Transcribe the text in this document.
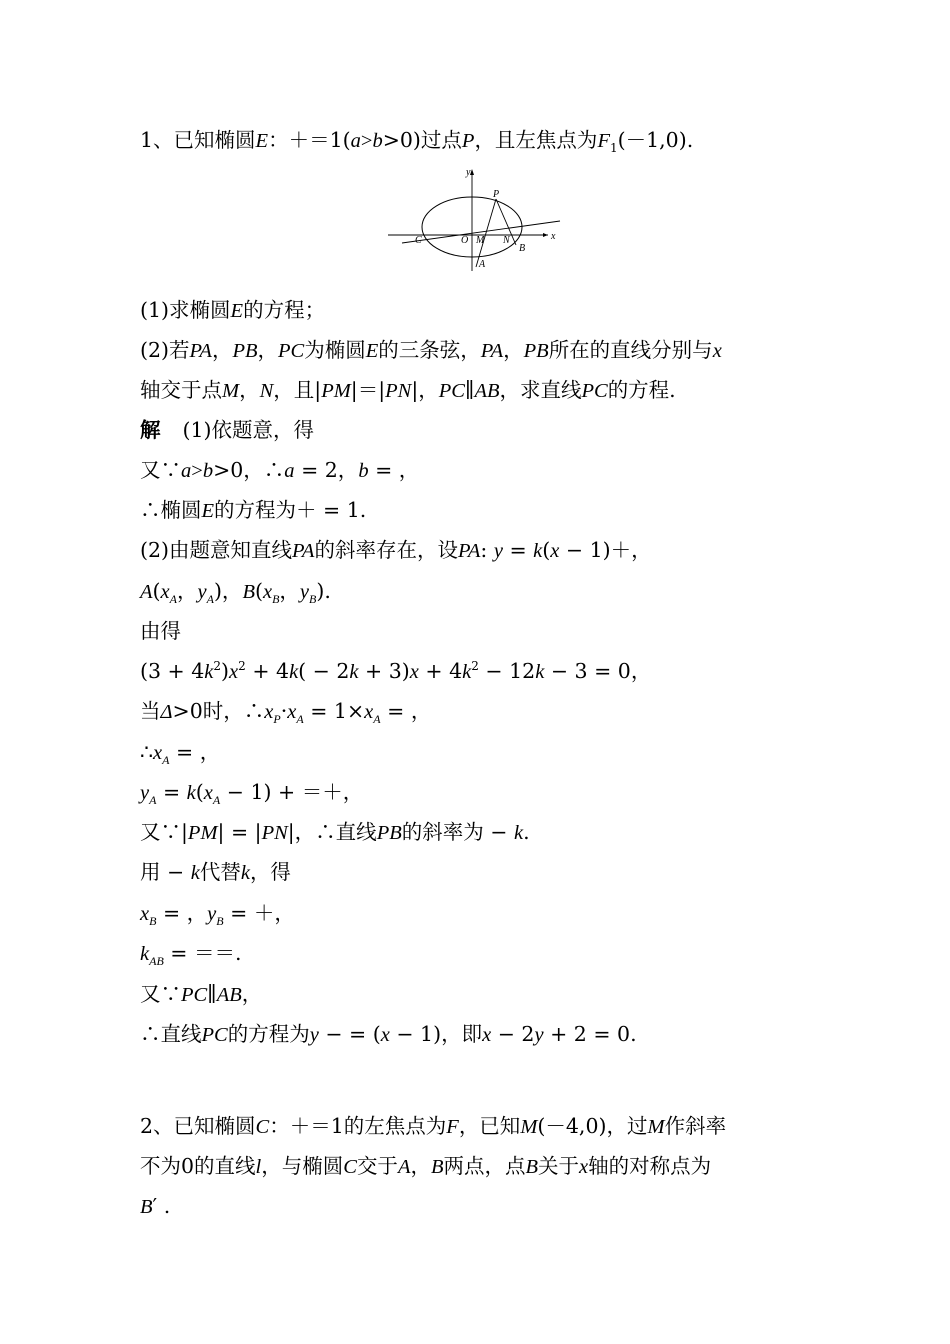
1、已知椭圆E：＋＝1(a>b>0)过点P，且左焦点为$F_1(-1,0)$.
y
x
P
C	O M N
B
A
(1)求椭圆E的方程；
(2)若PA，PB，PC为椭圆E的三条弦，PA，PB所在的直线分别与x
轴交于点M，N，且|PM|＝|PN|，PC∥AB，求直线PC的方程.
解 (1)依题意，得
又∵a>b>0，∴a = 2，b = ，
∴椭圆E的方程为＋ = 1.
(2)由题意知直线PA的斜率存在，设PA: y = k(x − 1)＋，
$A(x_A$，$y_A$)，$B(x_B$，$y_B$).
由得
$(3 + 4k^2)x^2 + 4k( - 2k + 3)x + 4k^2 - 12k - 3 = 0$，
当Δ>0时，$\therefore x_P\cdot x_A = 1\times x_A$ = ，
$\therefore x_A$ = ，
$y_A = k(x_A - 1)$ + ＝＋，
又∵|PM| = |PN|，∴直线PB的斜率为 − k.
用 − k代替k，得
$x_B$ = ，$y_B$ = ＋，
$k_{AB}$ = ＝＝.
又∵PC∥AB，
∴直线PC的方程为y − = (x − 1)，即x − 2y + 2 = 0.
2、已知椭圆C：＋＝1的左焦点为F，已知M(－4,0)，过M作斜率
不为0的直线l，与椭圆C交于A，B两点，点B关于x轴的对称点为
B′ .
